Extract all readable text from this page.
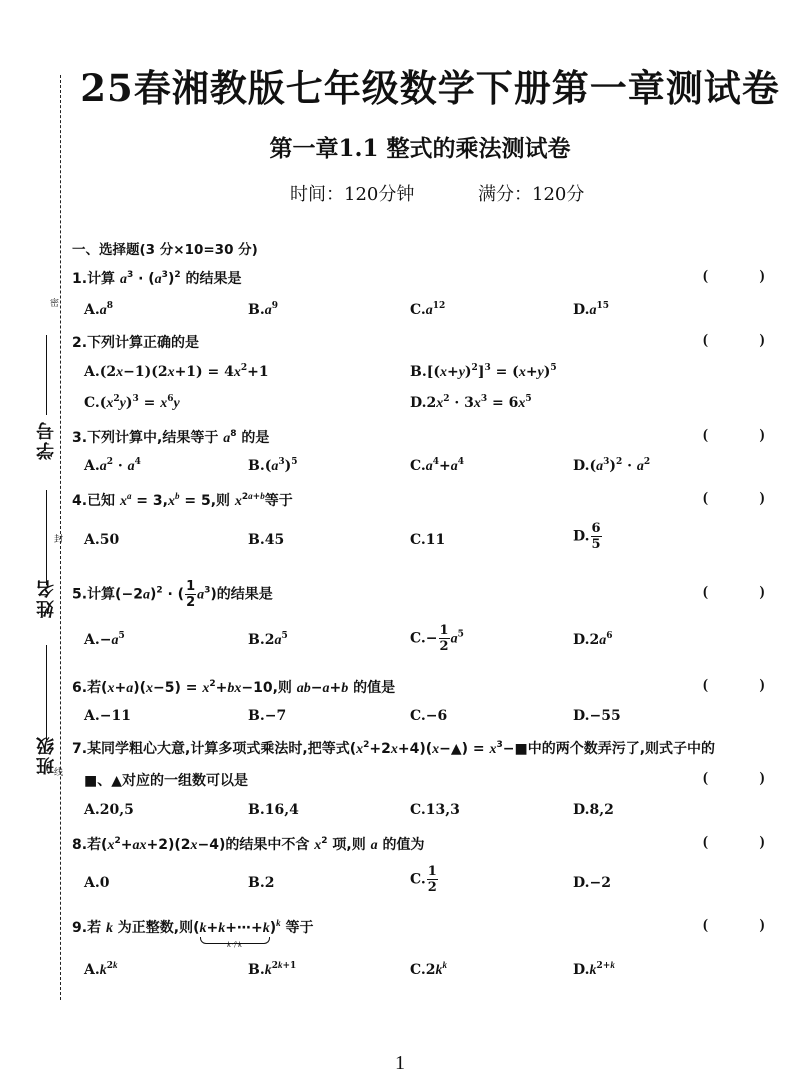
25春湘教版七年级数学下册第一章测试卷
第一章1.1 整式的乘法测试卷
时间：120分钟	满分：120分
密
封
线
学号
姓名
班级
一、选择题(3 分×10=30 分)
1.计算 $a^3 \cdot (a^3)^2$ 的结果是	(  )
$A.a^8$	$B.a^9$	$C.a^{12}$	$D.a^{15}$
2.下列计算正确的是	(  )
$A.(2x-1)(2x+1) = 4x^2+1$	$B.[(x+y)^2]^3 = (x+y)^5$
$C.(x^2y)^3 = x^6y$	$D.2x^2 \cdot 3x^3 = 6x^5$
3.下列计算中,结果等于 $a^8$ 的是	(  )
$A.a^2 \cdot a^4$	$B.(a^3)^5$	$C.a^4+a^4$	$D.(a^3)^2 \cdot a^2$
4.已知 $x^a = 3,x^b = 5$,则 $x^{2a+b}$等于	(  )
A.50	B.45	C.11	D. $\frac{6}{5}$
5.计算$(-2a)^2$ · ( $\frac{1}{2} a^3$)的结果是	(  )
$A.-a^5$	$B.2a^5$	$C.- \frac{1}{2} a^5$	$D.2a^6$
6.若$(x+a)(x-5) = x^2+bx-10$,则 ab−a+b 的值是	(  )
A.−11	B.−7	C.−6	D.−55
7.某同学粗心大意,计算多项式乘法时,把等式$(x^2+2x+4)(x-▲)$ = $x^3-■$中的两个数弄污了,则式子中的
■、▲对应的一组数可以是	(  )
A.20,5	B.16,4	C.13,3	D.8,2
8.若$(x^2+ax+2)(2x-4)$的结果中不含 $x^2$ 项,则 a 的值为	(  )
A.0	B.2	C. $\frac{1}{2}$	D.−2
9.若 k 为正整数,则(k+k+⋯+k
k个k
)$^k$ 等于	(  )
$A.k^{2k}$	$B.k^{2k+1}$	$C.2k^k$	$D.k^{2+k}$
1
